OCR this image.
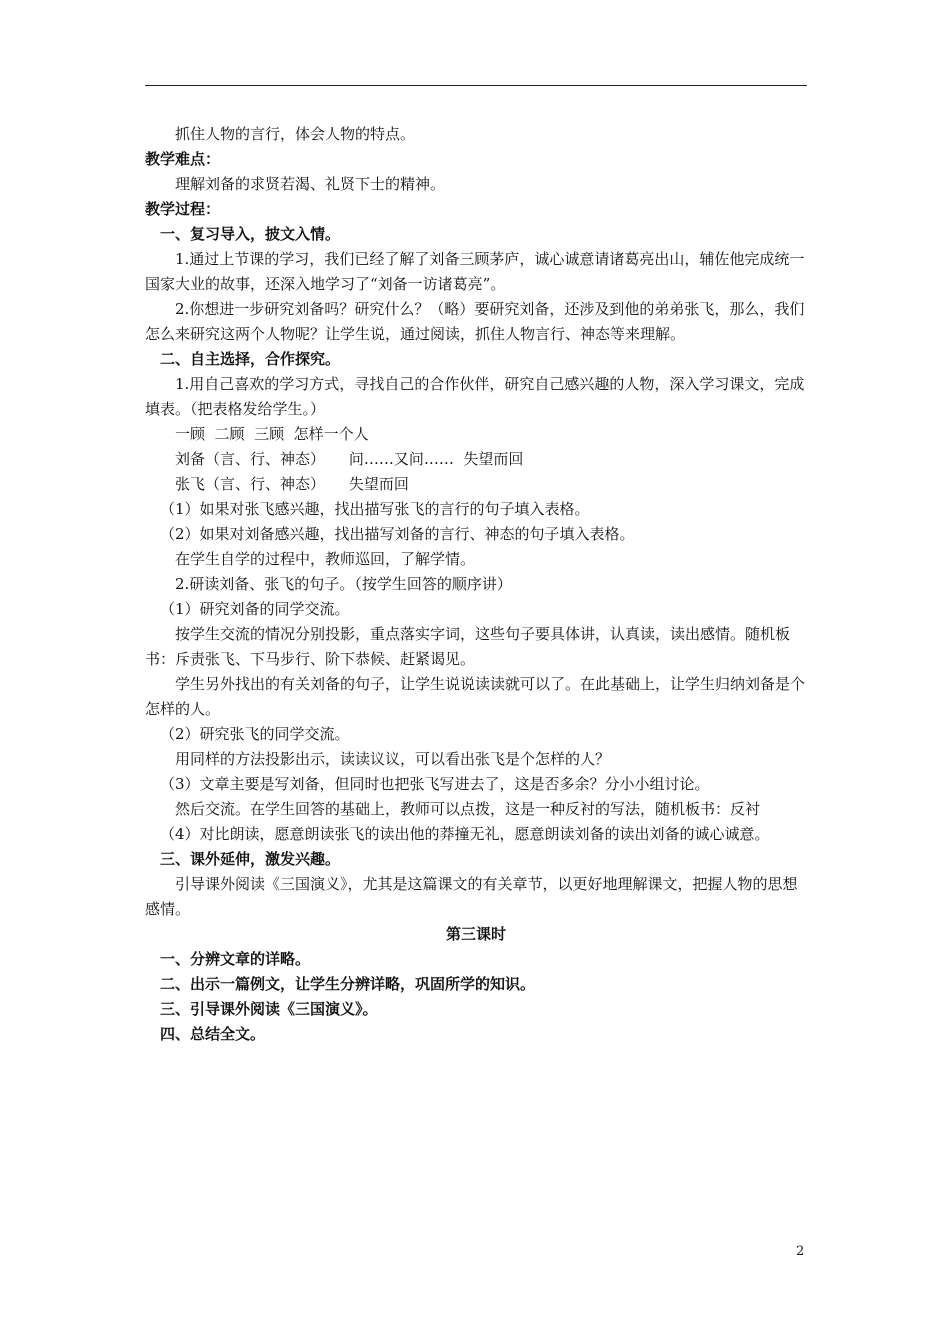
抓住人物的言行，体会人物的特点。

教学难点：

理解刘备的求贤若渴、礼贤下士的精神。

教学过程：

一、复习导入，披文入情。

1.通过上节课的学习，我们已经了解了刘备三顾茅庐，诚心诚意请诸葛亮出山，辅佐他完成统一国家大业的故事，还深入地学习了“刘备一访诸葛亮”。

2.你想进一步研究刘备吗？研究什么？（略）要研究刘备，还涉及到他的弟弟张飞，那么，我们怎么来研究这两个人物呢？让学生说，通过阅读，抓住人物言行、神态等来理解。

二、自主选择，合作探究。

1.用自己喜欢的学习方式，寻找自己的合作伙伴，研究自己感兴趣的人物，深入学习课文，完成填表。（把表格发给学生。）

一顾  二顾  三顾  怎样一个人

刘备（言、行、神态）     问……又问……  失望而回

张飞（言、行、神态）     失望而回

（1）如果对张飞感兴趣，找出描写张飞的言行的句子填入表格。

（2）如果对刘备感兴趣，找出描写刘备的言行、神态的句子填入表格。

在学生自学的过程中，教师巡回，了解学情。

2.研读刘备、张飞的句子。（按学生回答的顺序讲）

（1）研究刘备的同学交流。

按学生交流的情况分别投影，重点落实字词，这些句子要具体讲，认真读，读出感情。随机板书：斥责张飞、下马步行、阶下恭候、赶紧谒见。

学生另外找出的有关刘备的句子，让学生说说读读就可以了。在此基础上，让学生归纳刘备是个怎样的人。

（2）研究张飞的同学交流。

用同样的方法投影出示，读读议议，可以看出张飞是个怎样的人？

（3）文章主要是写刘备，但同时也把张飞写进去了，这是否多余？分小小组讨论。

然后交流。在学生回答的基础上，教师可以点拨，这是一种反衬的写法，随机板书：反衬

（4）对比朗读，愿意朗读张飞的读出他的莽撞无礼，愿意朗读刘备的读出刘备的诚心诚意。

三、课外延伸，激发兴趣。

引导课外阅读《三国演义》，尤其是这篇课文的有关章节，以更好地理解课文，把握人物的思想感情。

第三课时

一、分辨文章的详略。

二、出示一篇例文，让学生分辨详略，巩固所学的知识。

三、引导课外阅读《三国演义》。

四、总结全文。

2
